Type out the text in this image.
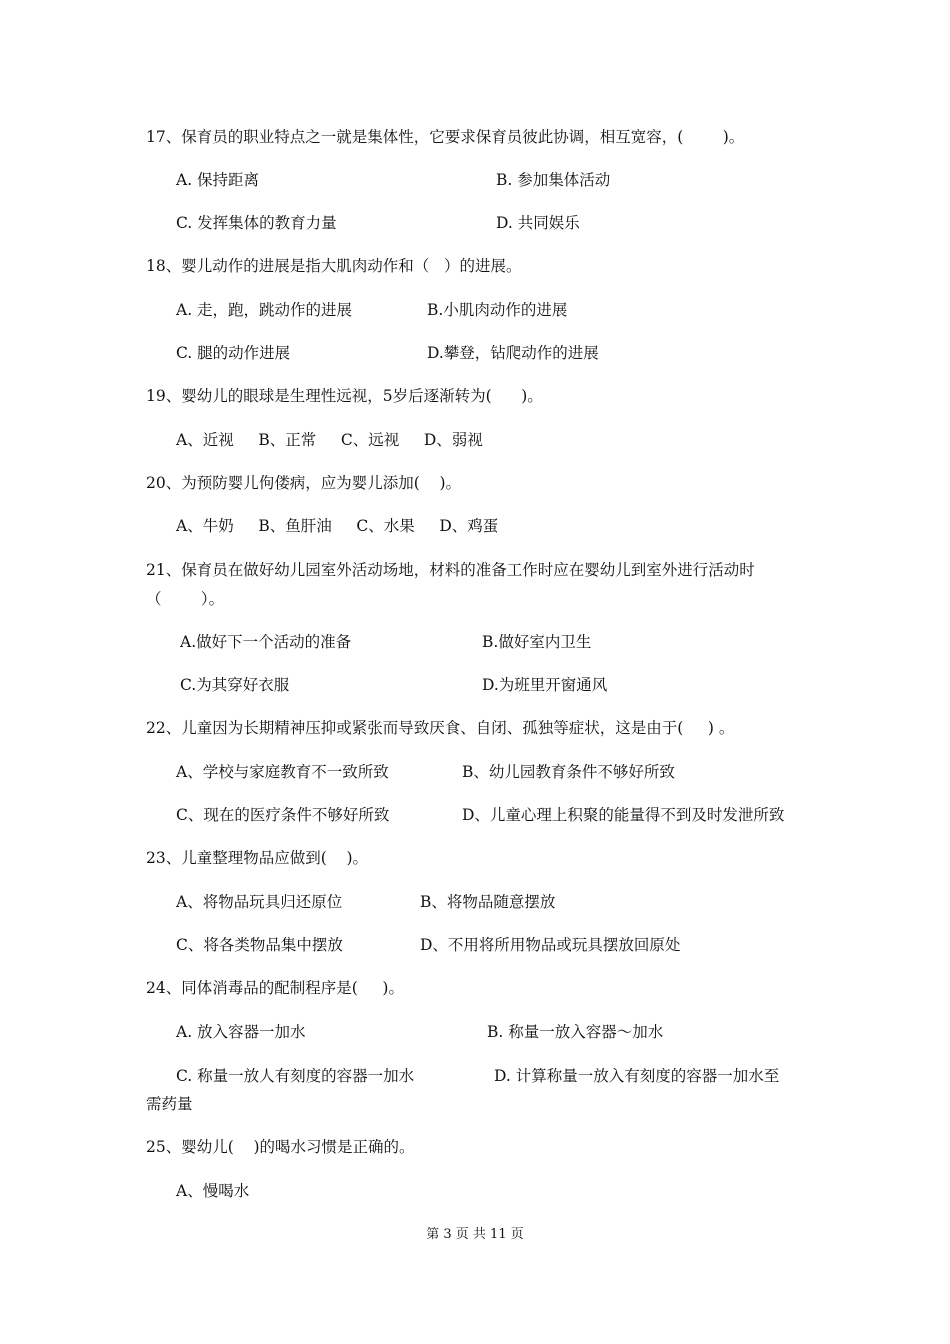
17、保育员的职业特点之一就是集体性，它要求保育员彼此协调，相互宽容，(        )。
A. 保持距离	B. 参加集体活动
C. 发挥集体的教育力量	D. 共同娱乐
18、婴儿动作的进展是指大肌肉动作和（   ）的进展。
A. 走，跑，跳动作的进展	B.小肌肉动作的进展
C. 腿的动作进展	D.攀登，钻爬动作的进展
19、婴幼儿的眼球是生理性远视，5岁后逐渐转为(      )。
A、近视     B、正常     C、远视     D、弱视
20、为预防婴儿佝偻病，应为婴儿添加(    )。
A、牛奶     B、鱼肝油     C、水果     D、鸡蛋
21、保育员在做好幼儿园室外活动场地，材料的准备工作时应在婴幼儿到室外进行活动时
（        ）。
A.做好下一个活动的准备	B.做好室内卫生
C.为其穿好衣服	D.为班里开窗通风
22、儿童因为长期精神压抑或紧张而导致厌食、自闭、孤独等症状，这是由于(     ) 。
A、学校与家庭教育不一致所致	B、幼儿园教育条件不够好所致
C、现在的医疗条件不够好所致	D、儿童心理上积聚的能量得不到及时发泄所致
23、儿童整理物品应做到(    )。
A、将物品玩具归还原位	B、将物品随意摆放
C、将各类物品集中摆放	D、不用将所用物品或玩具摆放回原处
24、同体消毒品的配制程序是(     )。
A. 放入容器一加水	B. 称量一放入容器～加水
C. 称量一放人有刻度的容器一加水	D. 计算称量一放入有刻度的容器一加水至
需药量
25、婴幼儿(    )的喝水习惯是正确的。
A、慢喝水
第 3 页 共 11 页
